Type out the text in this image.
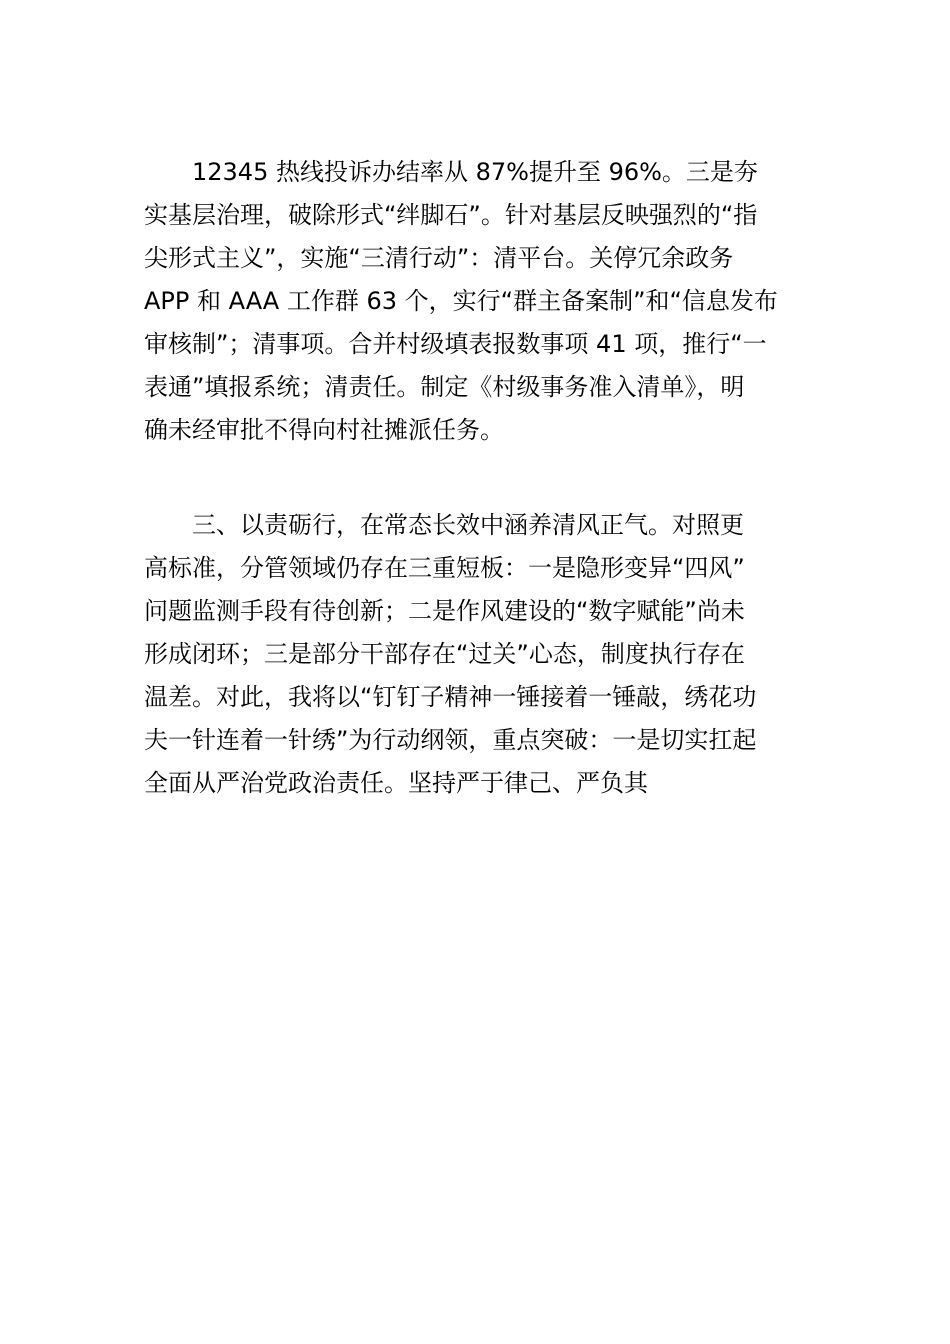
12345 热线投诉办结率从 87%提升至 96%。三是夯
实基层治理，破除形式“绊脚石”。针对基层反映强烈的“指
尖形式主义”，实施“三清行动”：清平台。关停冗余政务
APP 和 AAA 工作群 63 个，实行“群主备案制”和“信息发布
审核制”；清事项。合并村级填表报数事项 41 项，推行“一
表通”填报系统；清责任。制定《村级事务准入清单》，明
确未经审批不得向村社摊派任务。
三、以责砺行，在常态长效中涵养清风正气。对照更
高标准，分管领域仍存在三重短板：一是隐形变异“四风”
问题监测手段有待创新；二是作风建设的“数字赋能”尚未
形成闭环；三是部分干部存在“过关”心态，制度执行存在
温差。对此，我将以“钉钉子精神一锤接着一锤敲，绣花功
夫一针连着一针绣”为行动纲领，重点突破：一是切实扛起
全面从严治党政治责任。坚持严于律己、严负其
